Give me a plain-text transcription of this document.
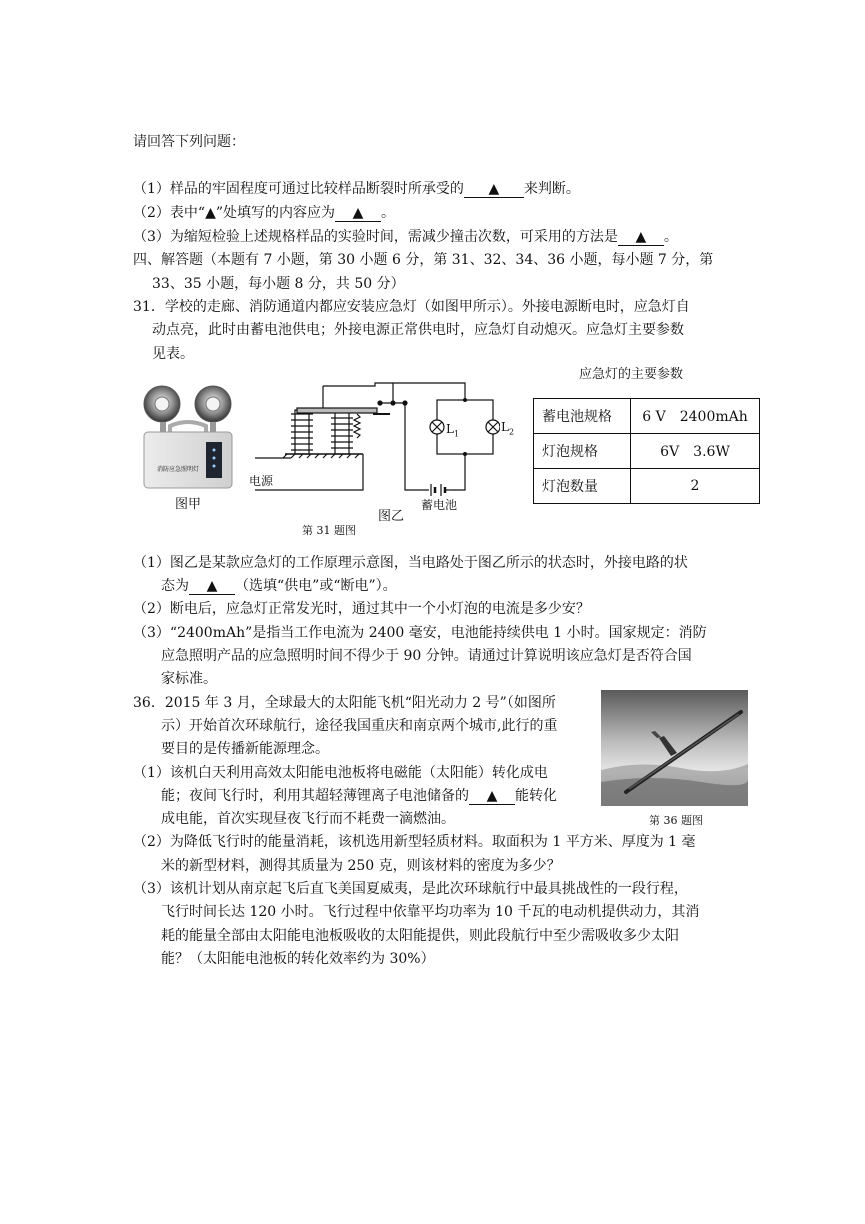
请回答下列问题：
（1）样品的牢固程度可通过比较样品断裂时所承受的 ▲ 来判断。
（2）表中“▲”处填写的内容应为 ▲ 。
（3）为缩短检验上述规格样品的实验时间，需减少撞击次数，可采用的方法是 ▲ 。
四、解答题（本题有 7 小题，第 30 小题 6 分，第 31、32、34、36 小题，每小题 7 分，第
33、35 小题，每小题 8 分，共 50 分）
31．学校的走廊、消防通道内都应安装应急灯（如图甲所示）。外接电源断电时，应急灯自
动点亮，此时由蓄电池供电；外接电源正常供电时，应急灯自动熄灭。应急灯主要参数
见表。
消防应急照明灯
图甲
$L_1$	$L_2$
电源
蓄电池
图乙
第 31 题图
应急灯的主要参数
蓄电池规格	6 V　2400mAh
灯泡规格	6V　3.6W
灯泡数量	2
（1）图乙是某款应急灯的工作原理示意图，当电路处于图乙所示的状态时，外接电路的状
态为 ▲ （选填“供电”或“断电”）。
（2）断电后，应急灯正常发光时，通过其中一个小灯泡的电流是多少安？
（3）“2400mAh”是指当工作电流为 2400 毫安，电池能持续供电 1 小时。国家规定：消防
应急照明产品的应急照明时间不得少于 90 分钟。请通过计算说明该应急灯是否符合国
家标准。
36．2015 年 3 月，全球最大的太阳能飞机“阳光动力 2 号”（如图所
示）开始首次环球航行，途径我国重庆和南京两个城市,此行的重
要目的是传播新能源理念。
（1）该机白天利用高效太阳能电池板将电磁能（太阳能）转化成电
能；夜间飞行时，利用其超轻薄锂离子电池储备的 ▲ 能转化
成电能，首次实现昼夜飞行而不耗费一滴燃油。	第 36 题图
（2）为降低飞行时的能量消耗，该机选用新型轻质材料。取面积为 1 平方米、厚度为 1 毫
米的新型材料，测得其质量为 250 克，则该材料的密度为多少？
（3）该机计划从南京起飞后直飞美国夏威夷，是此次环球航行中最具挑战性的一段行程，
飞行时间长达 120 小时。飞行过程中依靠平均功率为 10 千瓦的电动机提供动力，其消
耗的能量全部由太阳能电池板吸收的太阳能提供，则此段航行中至少需吸收多少太阳
能？（太阳能电池板的转化效率约为 30%）
